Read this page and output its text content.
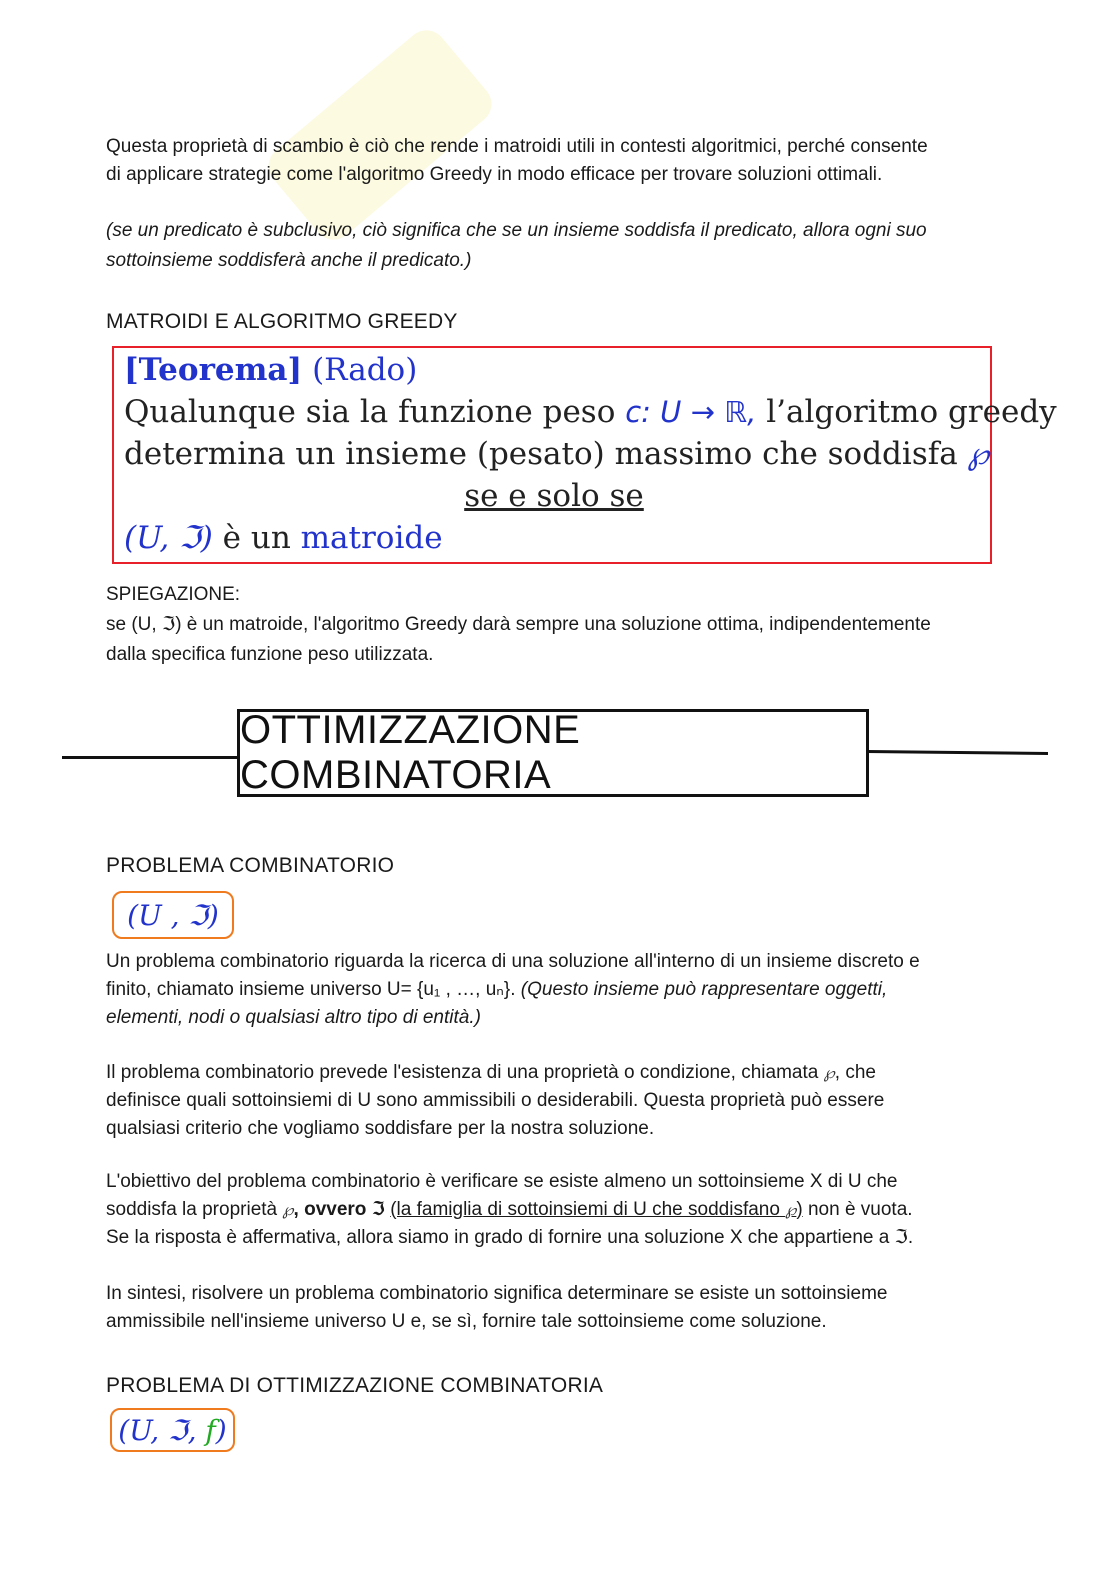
Questa proprietà di scambio è ciò che rende i matroidi utili in contesti algoritmici, perché consente

di applicare strategie come l'algoritmo Greedy in modo efficace per trovare soluzioni ottimali.

(se un predicato è subclusivo, ciò significa che se un insieme soddisfa il predicato, allora ogni suo

sottoinsieme soddisferà anche il predicato.)

MATROIDI E ALGORITMO GREEDY
[Teorema] (Rado)
Qualunque sia la funzione peso c: U → ℝ, l’algoritmo greedy
determina un insieme (pesato) massimo che soddisfa ℘
se e solo se
(U, ℑ) è un matroide

SPIEGAZIONE:

se (U, ℑ) è un matroide, l'algoritmo Greedy darà sempre una soluzione ottima, indipendentemente

dalla specifica funzione peso utilizzata.

OTTIMIZZAZIONE COMBINATORIA
PROBLEMA COMBINATORIO
(U , ℑ)

Un problema combinatorio riguarda la ricerca di una soluzione all'interno di un insieme discreto e

finito, chiamato insieme universo U= {u₁ , …, uₙ}. (Questo insieme può rappresentare oggetti,

elementi, nodi o qualsiasi altro tipo di entità.)

Il problema combinatorio prevede l'esistenza di una proprietà o condizione, chiamata ℘, che

definisce quali sottoinsiemi di U sono ammissibili o desiderabili. Questa proprietà può essere

qualsiasi criterio che vogliamo soddisfare per la nostra soluzione.

L'obiettivo del problema combinatorio è verificare se esiste almeno un sottoinsieme X di U che

soddisfa la proprietà ℘, ovvero ℑ (la famiglia di sottoinsiemi di U che soddisfano ℘) non è vuota.

Se la risposta è affermativa, allora siamo in grado di fornire una soluzione X che appartiene a ℑ.

In sintesi, risolvere un problema combinatorio significa determinare se esiste un sottoinsieme

ammissibile nell'insieme universo U e, se sì, fornire tale sottoinsieme come soluzione.

PROBLEMA DI OTTIMIZZAZIONE COMBINATORIA
(U, ℑ,
f )
